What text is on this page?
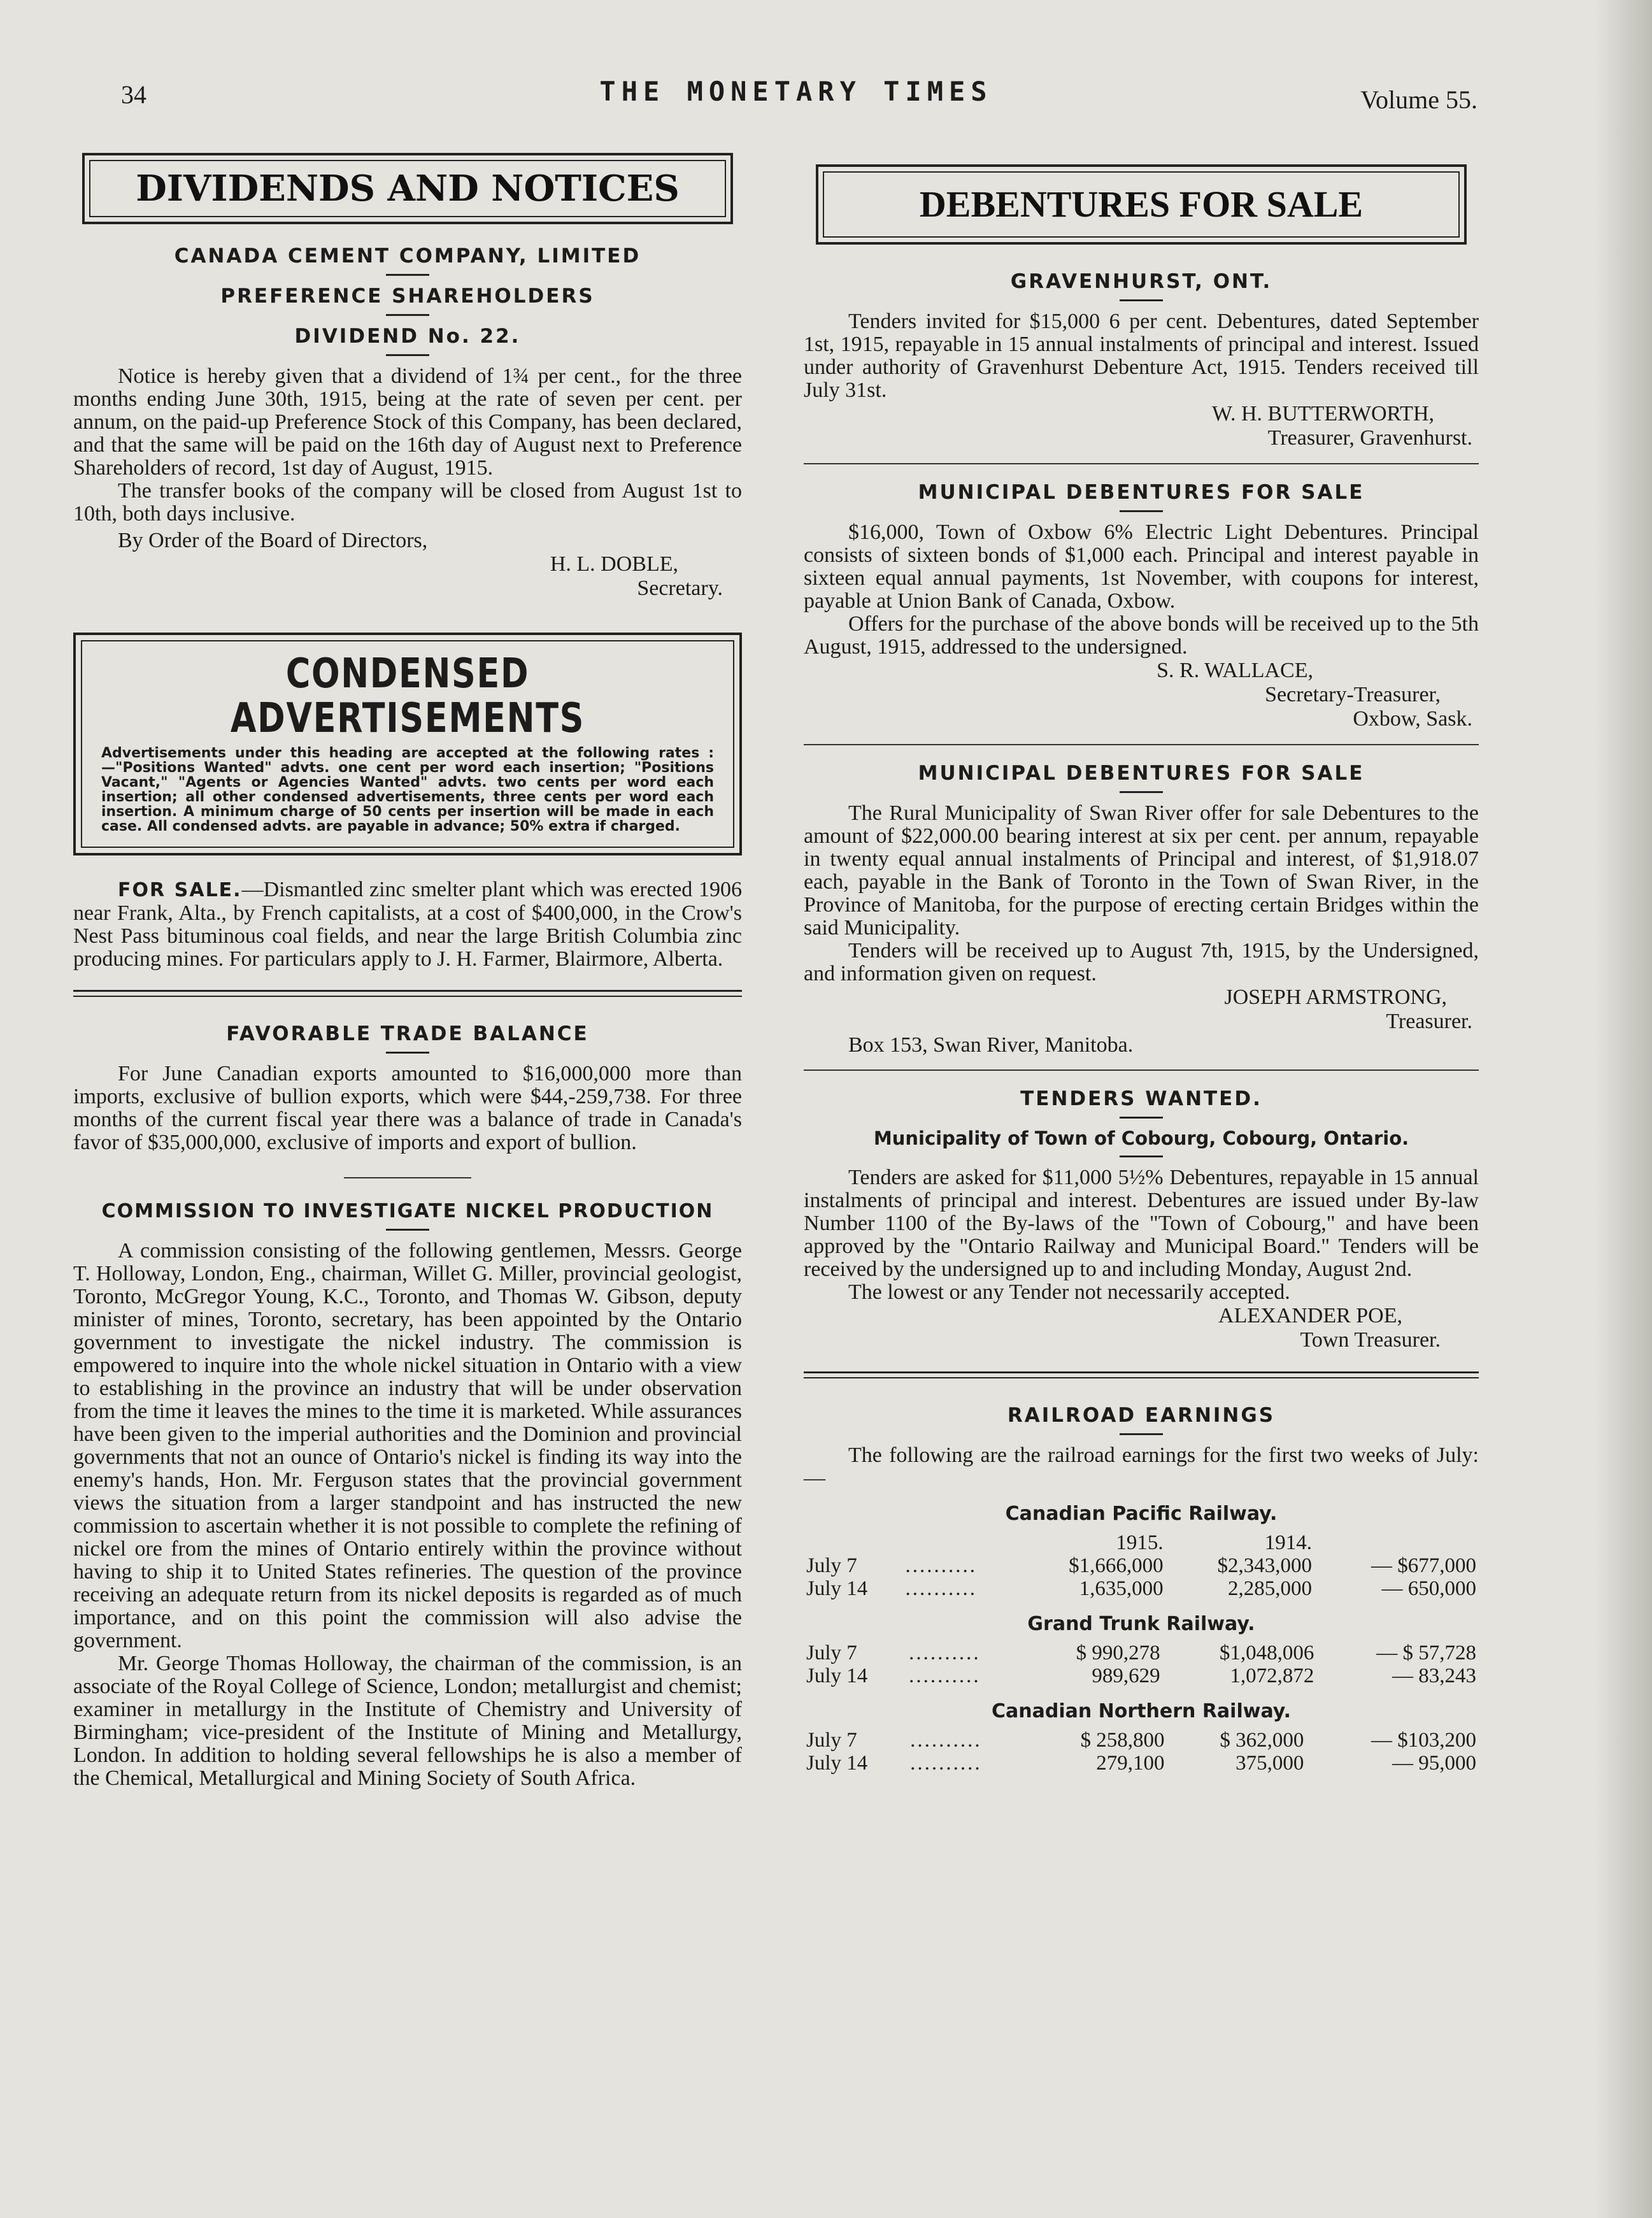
34	THE MONETARY TIMES	Volume 55.
DIVIDENDS AND NOTICES
CANADA CEMENT COMPANY, LIMITED
PREFERENCE SHAREHOLDERS
DIVIDEND No. 22.

Notice is hereby given that a dividend of 1¾ per cent., for the three months ending June 30th, 1915, being at the rate of seven per cent. per annum, on the paid-up Preference Stock of this Company, has been declared, and that the same will be paid on the 16th day of August next to Preference Shareholders of record, 1st day of August, 1915.

The transfer books of the company will be closed from August 1st to 10th, both days inclusive.

By Order of the Board of Directors,

H. L. DOBLE,
Secretary.
CONDENSED ADVERTISEMENTS
Advertisements under this heading are accepted at the following rates :—"Positions Wanted" advts. one cent per word each insertion; "Positions Vacant," "Agents or Agencies Wanted" advts. two cents per word each insertion; all other condensed advertisements, three cents per word each insertion. A minimum charge of 50 cents per insertion will be made in each case. All condensed advts. are payable in advance; 50% extra if charged.

FOR SALE.—Dismantled zinc smelter plant which was erected 1906 near Frank, Alta., by French capitalists, at a cost of $400,000, in the Crow's Nest Pass bituminous coal fields, and near the large British Columbia zinc producing mines. For particulars apply to J. H. Farmer, Blairmore, Alberta.

FAVORABLE TRADE BALANCE

For June Canadian exports amounted to $16,000,000 more than imports, exclusive of bullion exports, which were $44,-259,738. For three months of the current fiscal year there was a balance of trade in Canada's favor of $35,000,000, exclusive of imports and export of bullion.

COMMISSION TO INVESTIGATE NICKEL PRODUCTION

A commission consisting of the following gentlemen, Messrs. George T. Holloway, London, Eng., chairman, Willet G. Miller, provincial geologist, Toronto, McGregor Young, K.C., Toronto, and Thomas W. Gibson, deputy minister of mines, Toronto, secretary, has been appointed by the Ontario government to investigate the nickel industry. The commission is empowered to inquire into the whole nickel situation in Ontario with a view to establishing in the province an industry that will be under observation from the time it leaves the mines to the time it is marketed. While assurances have been given to the imperial authorities and the Dominion and provincial governments that not an ounce of Ontario's nickel is finding its way into the enemy's hands, Hon. Mr. Ferguson states that the provincial government views the situation from a larger standpoint and has instructed the new commission to ascertain whether it is not possible to complete the refining of nickel ore from the mines of Ontario entirely within the province without having to ship it to United States refineries. The question of the province receiving an adequate return from its nickel deposits is regarded as of much importance, and on this point the commission will also advise the government.

Mr. George Thomas Holloway, the chairman of the commission, is an associate of the Royal College of Science, London; metallurgist and chemist; examiner in metallurgy in the Institute of Chemistry and University of Birmingham; vice-president of the Institute of Mining and Metallurgy, London. In addition to holding several fellowships he is also a member of the Chemical, Metallurgical and Mining Society of South Africa.

DEBENTURES FOR SALE
GRAVENHURST, ONT.

Tenders invited for $15,000 6 per cent. Debentures, dated September 1st, 1915, repayable in 15 annual instalments of principal and interest. Issued under authority of Gravenhurst Debenture Act, 1915. Tenders received till July 31st.

W. H. BUTTERWORTH,
Treasurer, Gravenhurst.
MUNICIPAL DEBENTURES FOR SALE

$16,000, Town of Oxbow 6% Electric Light Debentures. Principal consists of sixteen bonds of $1,000 each. Principal and interest payable in sixteen equal annual payments, 1st November, with coupons for interest, payable at Union Bank of Canada, Oxbow.

Offers for the purchase of the above bonds will be received up to the 5th August, 1915, addressed to the undersigned.

S. R. WALLACE,
Secretary-Treasurer,
Oxbow, Sask.
MUNICIPAL DEBENTURES FOR SALE

The Rural Municipality of Swan River offer for sale Debentures to the amount of $22,000.00 bearing interest at six per cent. per annum, repayable in twenty equal annual instalments of Principal and interest, of $1,918.07 each, payable in the Bank of Toronto in the Town of Swan River, in the Province of Manitoba, for the purpose of erecting certain Bridges within the said Municipality.

Tenders will be received up to August 7th, 1915, by the Undersigned, and information given on request.

JOSEPH ARMSTRONG,
Treasurer.

Box 153, Swan River, Manitoba.

TENDERS WANTED.
Municipality of Town of Cobourg, Cobourg, Ontario.

Tenders are asked for $11,000 5½% Debentures, repayable in 15 annual instalments of principal and interest. Debentures are issued under By-law Number 1100 of the By-laws of the "Town of Cobourg," and have been approved by the "Ontario Railway and Municipal Board." Tenders will be received by the undersigned up to and including Monday, August 2nd.

The lowest or any Tender not necessarily accepted.

ALEXANDER POE,
Town Treasurer.
RAILROAD EARNINGS

The following are the railroad earnings for the first two weeks of July:—

Canadian Pacific Railway.
		1915.	1914.	
July 7	..........	$1,666,000	$2,343,000	— $677,000
July 14	..........	1,635,000	2,285,000	— 650,000
Grand Trunk Railway.
July 7	..........	$ 990,278	$1,048,006	— $ 57,728
July 14	..........	989,629	1,072,872	— 83,243
Canadian Northern Railway.
July 7	..........	$ 258,800	$ 362,000	— $103,200
July 14	..........	279,100	375,000	— 95,000
